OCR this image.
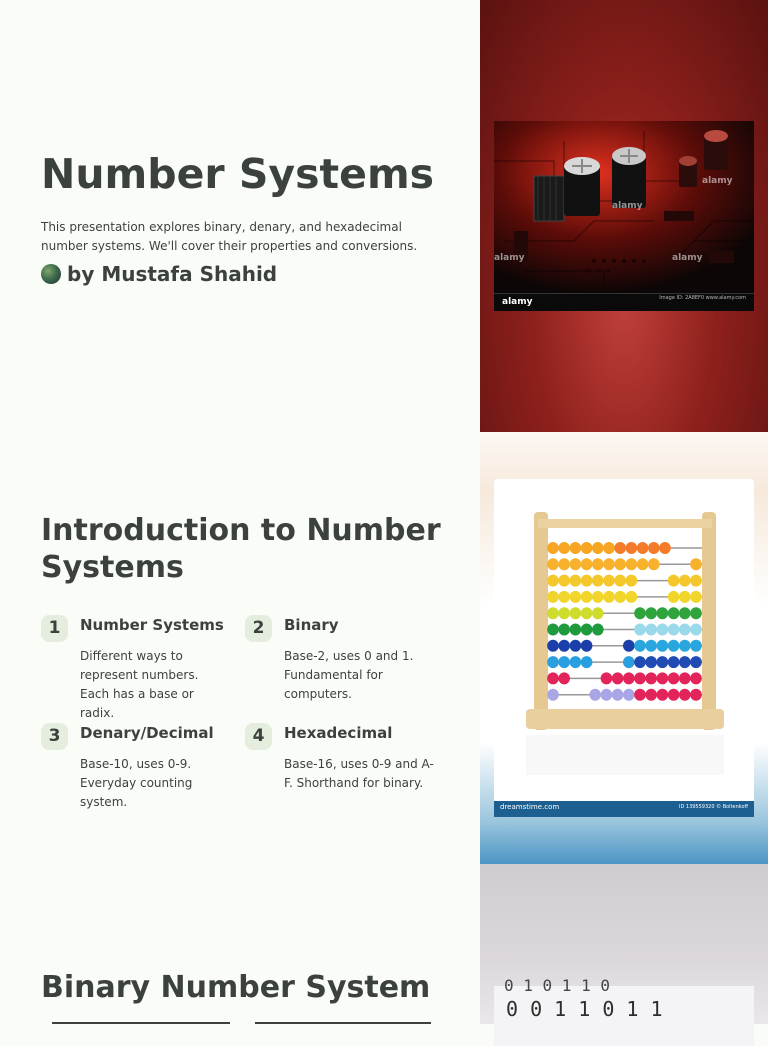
Number Systems

This presentation explores binary, denary, and hexadecimal number systems. We'll cover their properties and conversions.

by Mustafa Shahid
alamy
alamy
alamy	alamy
alamy	Image ID: 2A8EF0 www.alamy.com
Introduction to Number Systems
1	Number Systems

Different ways to represent numbers. Each has a base or radix.

2	Binary

Base-2, uses 0 and 1. Fundamental for computers.

3	Denary/Decimal

Base-10, uses 0-9. Everyday counting system.

4	Hexadecimal

Base-16, uses 0-9 and A-F. Shorthand for binary.

dreamstime.com	ID 139559320 © Boltenkoff
Binary Number System	0 1 0 1 1 0
0 0 1 1 0 1 1
